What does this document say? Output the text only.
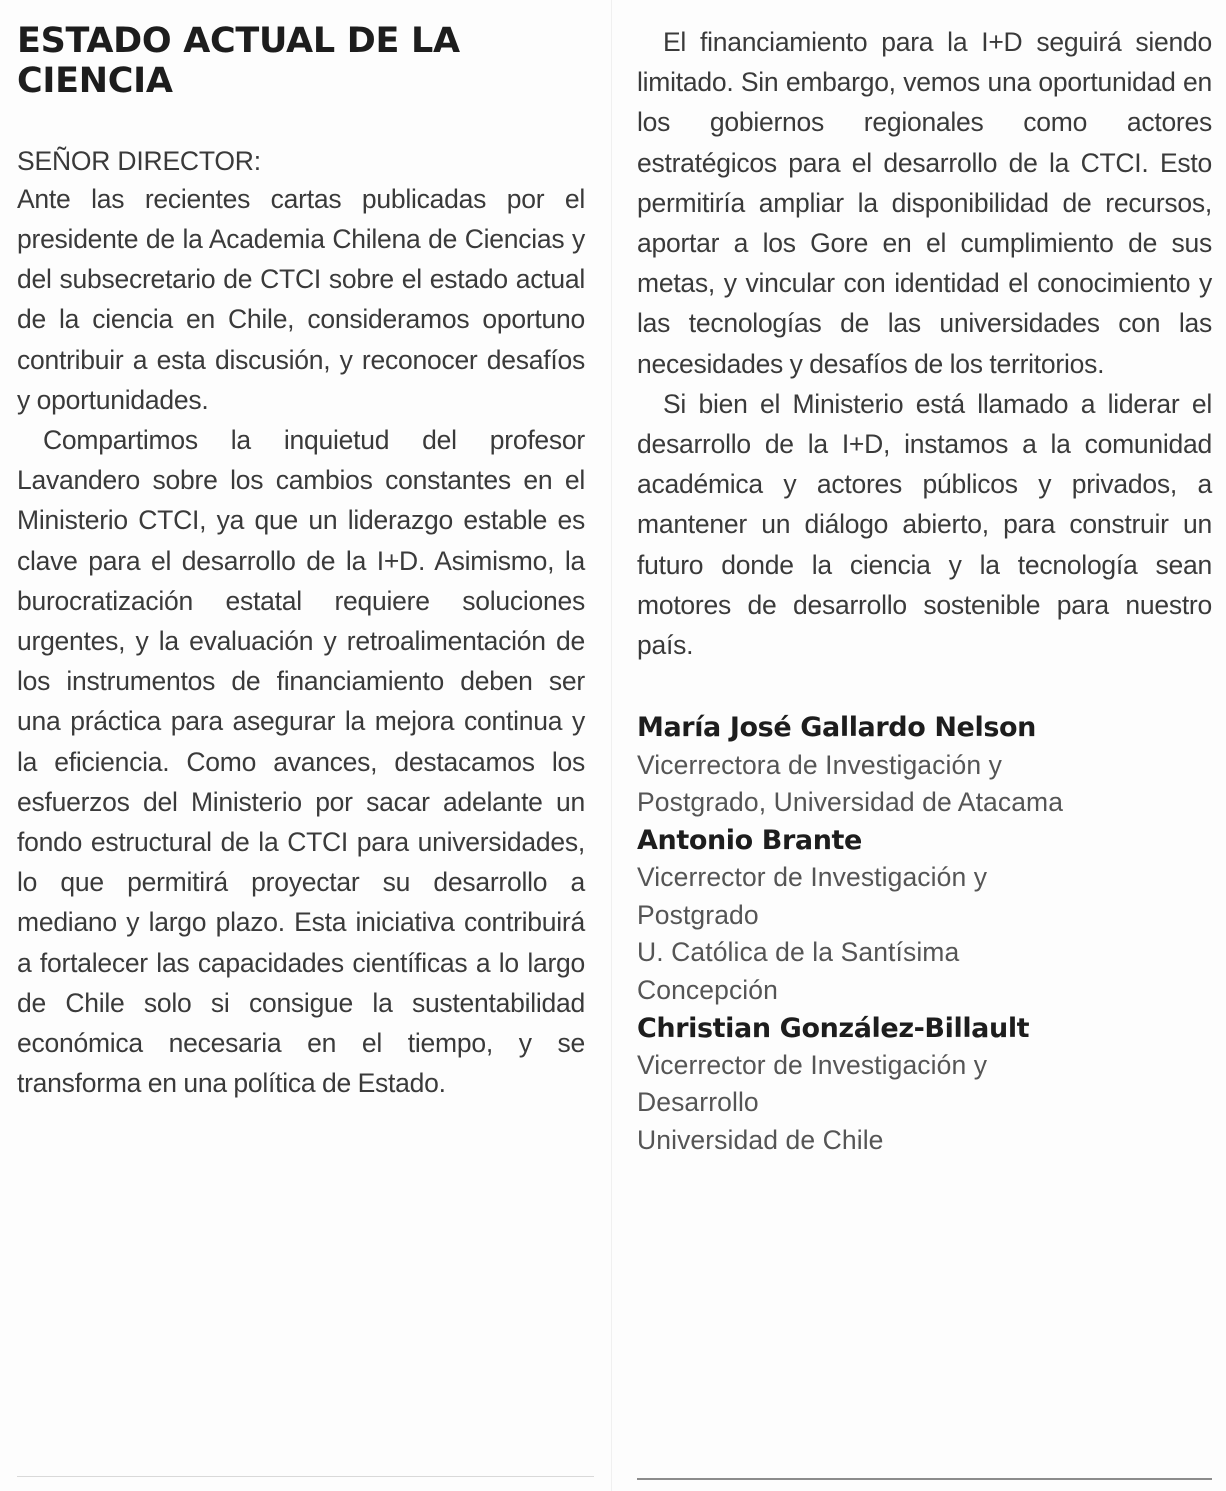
ESTADO ACTUAL DE LA CIENCIA
SEÑOR DIRECTOR:

Ante las recientes cartas publicadas por el presidente de la Academia Chilena de Ciencias y del subsecretario de CTCI sobre el estado actual de la ciencia en Chile, consideramos oportuno contribuir a esta discusión, y reconocer desafíos y oportunidades.

Compartimos la inquietud del profesor Lavandero sobre los cambios constantes en el Ministerio CTCI, ya que un liderazgo estable es clave para el desarrollo de la I+D. Asimismo, la burocratización estatal requiere soluciones urgentes, y la evaluación y retroalimentación de los instrumentos de financiamiento deben ser una práctica para asegurar la mejora continua y la eficiencia. Como avances, destacamos los esfuerzos del Ministerio por sacar adelante un fondo estructural de la CTCI para universidades, lo que permitirá proyectar su desarrollo a mediano y largo plazo. Esta iniciativa contribuirá a fortalecer las capacidades científicas a lo largo de Chile solo si consigue la sustentabilidad económica necesaria en el tiempo, y se transforma en una política de Estado.

El financiamiento para la I+D seguirá siendo limitado. Sin embargo, vemos una oportunidad en los gobiernos regionales como actores estratégicos para el desarrollo de la CTCI. Esto permitiría ampliar la disponibilidad de recursos, aportar a los Gore en el cumplimiento de sus metas, y vincular con identidad el conocimiento y las tecnologías de las universidades con las necesidades y desafíos de los territorios.

Si bien el Ministerio está llamado a liderar el desarrollo de la I+D, instamos a la comunidad académica y actores públicos y privados, a mantener un diálogo abierto, para construir un futuro donde la ciencia y la tecnología sean motores de desarrollo sostenible para nuestro país.

María José Gallardo Nelson
Vicerrectora de Investigación y
Postgrado, Universidad de Atacama
Antonio Brante
Vicerrector de Investigación y
Postgrado
U. Católica de la Santísima
Concepción
Christian González-Billault
Vicerrector de Investigación y
Desarrollo
Universidad de Chile
